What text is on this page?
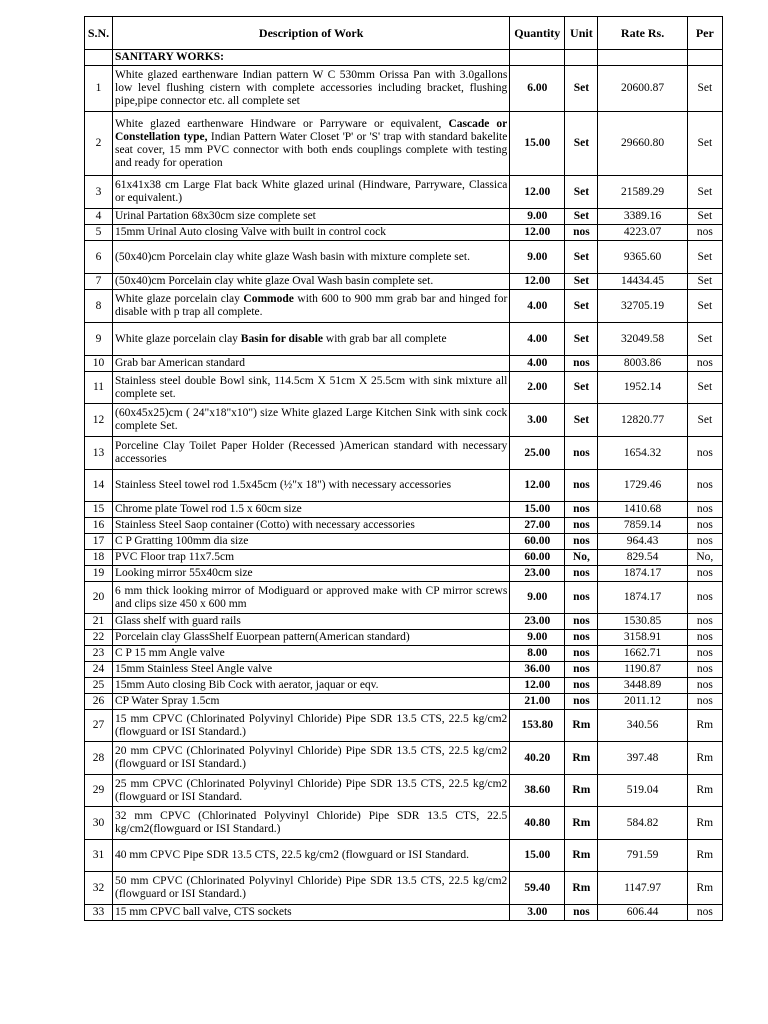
S.N.	Description of Work	Quantity	Unit	Rate Rs.	Per
	SANITARY WORKS:				
1	White glazed earthenware Indian pattern W C 530mm Orissa Pan with 3.0gallons low level flushing cistern with complete accessories including bracket, flushing pipe,pipe connector etc. all complete set	6.00	Set	20600.87	Set
2	White glazed earthenware Hindware or Parryware or equivalent, Cascade or Constellation type, Indian Pattern Water Closet 'P' or 'S' trap with standard bakelite seat cover, 15 mm PVC connector with both ends couplings complete with testing and ready for operation	15.00	Set	29660.80	Set
3	61x41x38 cm Large Flat back White glazed urinal (Hindware, Parryware, Classica or equivalent.)	12.00	Set	21589.29	Set
4	Urinal Partation 68x30cm size complete set	9.00	Set	3389.16	Set
5	15mm Urinal Auto closing Valve with built in control cock	12.00	nos	4223.07	nos
6	(50x40)cm Porcelain clay white glaze Wash basin with mixture complete set.	9.00	Set	9365.60	Set
7	(50x40)cm Porcelain clay white glaze Oval Wash basin complete set.	12.00	Set	14434.45	Set
8	White glaze porcelain clay Commode with 600 to 900 mm grab bar and hinged for disable with p trap all complete.	4.00	Set	32705.19	Set
9	White glaze porcelain clay Basin for disable with grab bar all complete	4.00	Set	32049.58	Set
10	Grab bar American standard	4.00	nos	8003.86	nos
11	Stainless steel double Bowl sink, 114.5cm X 51cm X 25.5cm with sink mixture all complete set.	2.00	Set	1952.14	Set
12	(60x45x25)cm ( 24"x18"x10") size White glazed Large Kitchen Sink with sink cock complete Set.	3.00	Set	12820.77	Set
13	Porceline Clay Toilet Paper Holder (Recessed )American standard with necessary accessories	25.00	nos	1654.32	nos
14	Stainless Steel towel rod 1.5x45cm (½"x 18") with necessary accessories	12.00	nos	1729.46	nos
15	Chrome plate Towel rod 1.5 x 60cm size	15.00	nos	1410.68	nos
16	Stainless Steel Saop container (Cotto) with necessary accessories	27.00	nos	7859.14	nos
17	C P Gratting 100mm dia size	60.00	nos	964.43	nos
18	PVC Floor trap 11x7.5cm	60.00	No,	829.54	No,
19	Looking mirror 55x40cm size	23.00	nos	1874.17	nos
20	6 mm thick looking mirror of Modiguard or approved make with CP mirror screws and clips size 450 x 600 mm	9.00	nos	1874.17	nos
21	Glass shelf with guard rails	23.00	nos	1530.85	nos
22	Porcelain clay GlassShelf Euorpean pattern(American standard)	9.00	nos	3158.91	nos
23	C P 15 mm Angle valve	8.00	nos	1662.71	nos
24	15mm Stainless Steel Angle valve	36.00	nos	1190.87	nos
25	15mm Auto closing Bib Cock with aerator, jaquar or eqv.	12.00	nos	3448.89	nos
26	CP Water Spray 1.5cm	21.00	nos	2011.12	nos
27	15 mm CPVC (Chlorinated Polyvinyl Chloride) Pipe SDR 13.5 CTS, 22.5 kg/cm2 (flowguard or ISI Standard.)	153.80	Rm	340.56	Rm
28	20 mm CPVC (Chlorinated Polyvinyl Chloride) Pipe SDR 13.5 CTS, 22.5 kg/cm2 (flowguard or ISI Standard.)	40.20	Rm	397.48	Rm
29	25 mm CPVC (Chlorinated Polyvinyl Chloride) Pipe SDR 13.5 CTS, 22.5 kg/cm2 (flowguard or ISI Standard.	38.60	Rm	519.04	Rm
30	32 mm CPVC (Chlorinated Polyvinyl Chloride) Pipe SDR 13.5 CTS, 22.5 kg/cm2(flowguard or ISI Standard.)	40.80	Rm	584.82	Rm
31	40 mm CPVC Pipe SDR 13.5 CTS, 22.5 kg/cm2 (flowguard or ISI Standard.	15.00	Rm	791.59	Rm
32	50 mm CPVC (Chlorinated Polyvinyl Chloride) Pipe SDR 13.5 CTS, 22.5 kg/cm2 (flowguard or ISI Standard.)	59.40	Rm	1147.97	Rm
33	15 mm CPVC ball valve, CTS sockets	3.00	nos	606.44	nos
